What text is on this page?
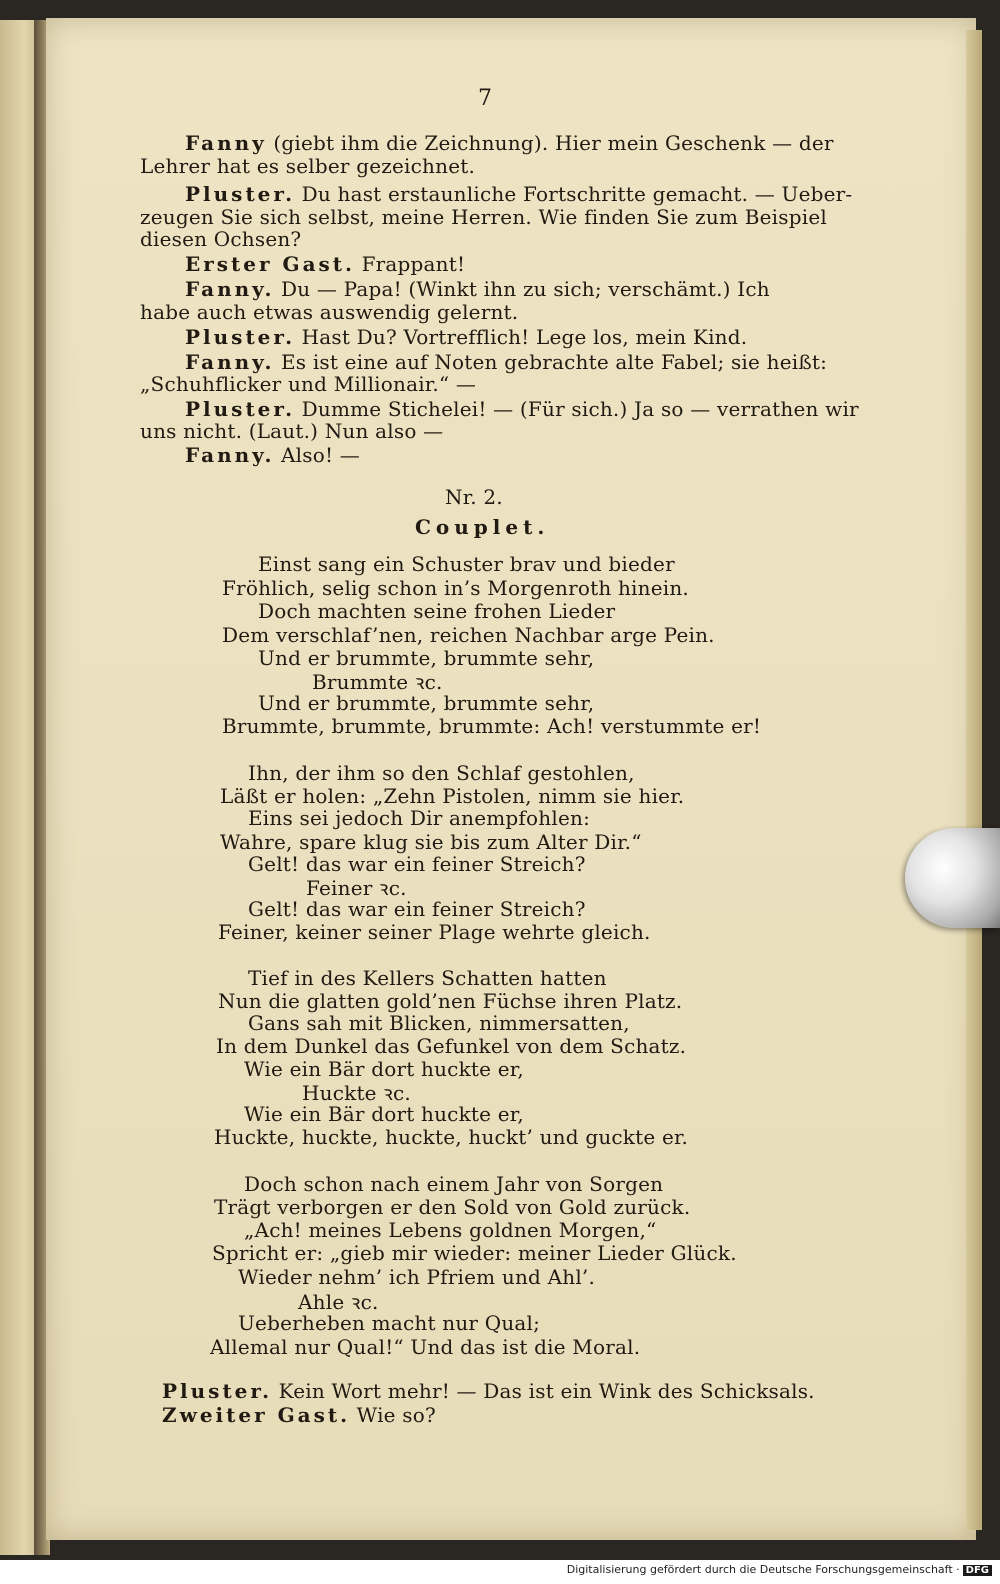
7
Fanny (giebt ihm die Zeichnung). Hier mein Geschenk — der
Lehrer hat es selber gezeichnet.
Pluster. Du hast erstaunliche Fortschritte gemacht. — Ueber-
zeugen Sie sich selbst, meine Herren. Wie finden Sie zum Beispiel
diesen Ochsen?
Erster Gast. Frappant!
Fanny. Du — Papa! (Winkt ihn zu sich; verschämt.) Ich
habe auch etwas auswendig gelernt.
Pluster. Hast Du? Vortrefflich! Lege los, mein Kind.
Fanny. Es ist eine auf Noten gebrachte alte Fabel; sie heißt:
„Schuhflicker und Millionair.“ —
Pluster. Dumme Stichelei! — (Für sich.) Ja so — verrathen wir
uns nicht. (Laut.) Nun also —
Fanny. Also! —
Nr. 2.
Couplet.
Einst sang ein Schuster brav und bieder
Fröhlich, selig schon in’s Morgenroth hinein.
Doch machten seine frohen Lieder
Dem verschlaf’nen, reichen Nachbar arge Pein.
Und er brummte, brummte sehr,
Brummte ꝛc.
Und er brummte, brummte sehr,
Brummte, brummte, brummte: Ach! verstummte er!
Ihn, der ihm so den Schlaf gestohlen,
Läßt er holen: „Zehn Pistolen, nimm sie hier.
Eins sei jedoch Dir anempfohlen:
Wahre, spare klug sie bis zum Alter Dir.“
Gelt! das war ein feiner Streich?
Feiner ꝛc.
Gelt! das war ein feiner Streich?
Feiner, keiner seiner Plage wehrte gleich.
Tief in des Kellers Schatten hatten
Nun die glatten gold’nen Füchse ihren Platz.
Gans sah mit Blicken, nimmersatten,
In dem Dunkel das Gefunkel von dem Schatz.
Wie ein Bär dort huckte er,
Huckte ꝛc.
Wie ein Bär dort huckte er,
Huckte, huckte, huckte, huckt’ und guckte er.
Doch schon nach einem Jahr von Sorgen
Trägt verborgen er den Sold von Gold zurück.
„Ach! meines Lebens goldnen Morgen,“
Spricht er: „gieb mir wieder: meiner Lieder Glück.
Wieder nehm’ ich Pfriem und Ahl’.
Ahle ꝛc.
Ueberheben macht nur Qual;
Allemal nur Qual!“ Und das ist die Moral.
Pluster. Kein Wort mehr! — Das ist ein Wink des Schicksals.
Zweiter Gast. Wie so?
Digitalisierung gefördert durch die Deutsche Forschungsgemeinschaft · DFG
